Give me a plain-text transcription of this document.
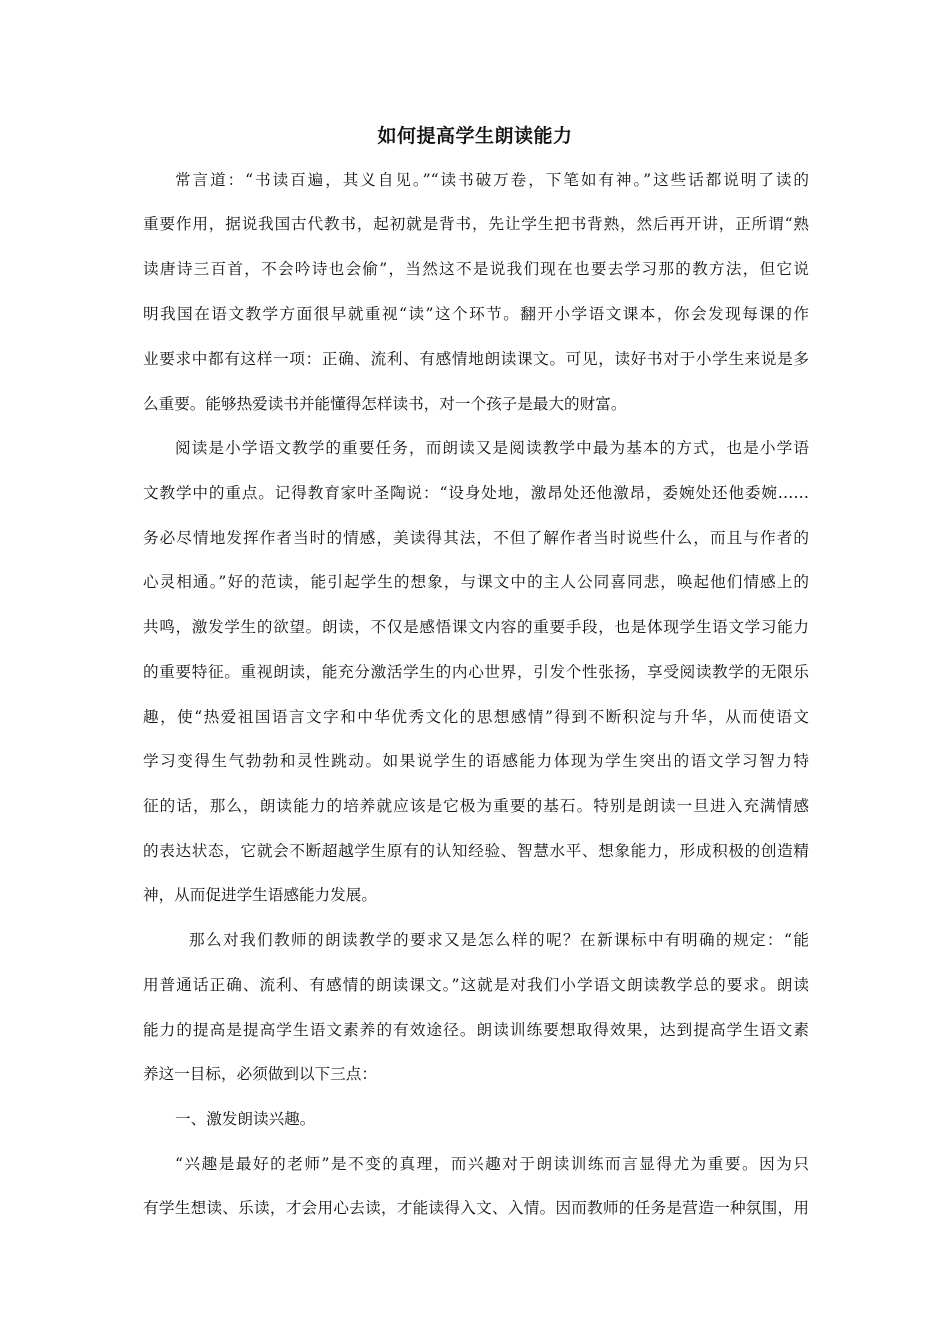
如何提高学生朗读能力

常言道：“书读百遍，其义自见。”“读书破万卷，下笔如有神。”这些话都说明了读的

重要作用，据说我国古代教书，起初就是背书，先让学生把书背熟，然后再开讲，正所谓“熟

读唐诗三百首，不会吟诗也会偷”，当然这不是说我们现在也要去学习那的教方法，但它说

明我国在语文教学方面很早就重视“读”这个环节。翻开小学语文课本，你会发现每课的作

业要求中都有这样一项：正确、流利、有感情地朗读课文。可见，读好书对于小学生来说是多

么重要。能够热爱读书并能懂得怎样读书，对一个孩子是最大的财富。

阅读是小学语文教学的重要任务，而朗读又是阅读教学中最为基本的方式，也是小学语

文教学中的重点。记得教育家叶圣陶说：“设身处地，激昂处还他激昂，委婉处还他委婉……

务必尽情地发挥作者当时的情感，美读得其法，不但了解作者当时说些什么，而且与作者的

心灵相通。”好的范读，能引起学生的想象，与课文中的主人公同喜同悲，唤起他们情感上的

共鸣，激发学生的欲望。朗读，不仅是感悟课文内容的重要手段，也是体现学生语文学习能力

的重要特征。重视朗读，能充分激活学生的内心世界，引发个性张扬，享受阅读教学的无限乐

趣，使“热爱祖国语言文字和中华优秀文化的思想感情”得到不断积淀与升华，从而使语文

学习变得生气勃勃和灵性跳动。如果说学生的语感能力体现为学生突出的语文学习智力特

征的话，那么，朗读能力的培养就应该是它极为重要的基石。特别是朗读一旦进入充满情感

的表达状态，它就会不断超越学生原有的认知经验、智慧水平、想象能力，形成积极的创造精

神，从而促进学生语感能力发展。

那么对我们教师的朗读教学的要求又是怎么样的呢？在新课标中有明确的规定：“能

用普通话正确、流利、有感情的朗读课文。”这就是对我们小学语文朗读教学总的要求。朗读

能力的提高是提高学生语文素养的有效途径。朗读训练要想取得效果，达到提高学生语文素

养这一目标，必须做到以下三点：

一、激发朗读兴趣。

“兴趣是最好的老师”是不变的真理，而兴趣对于朗读训练而言显得尤为重要。因为只

有学生想读、乐读，才会用心去读，才能读得入文、入情。因而教师的任务是营造一种氛围，用
